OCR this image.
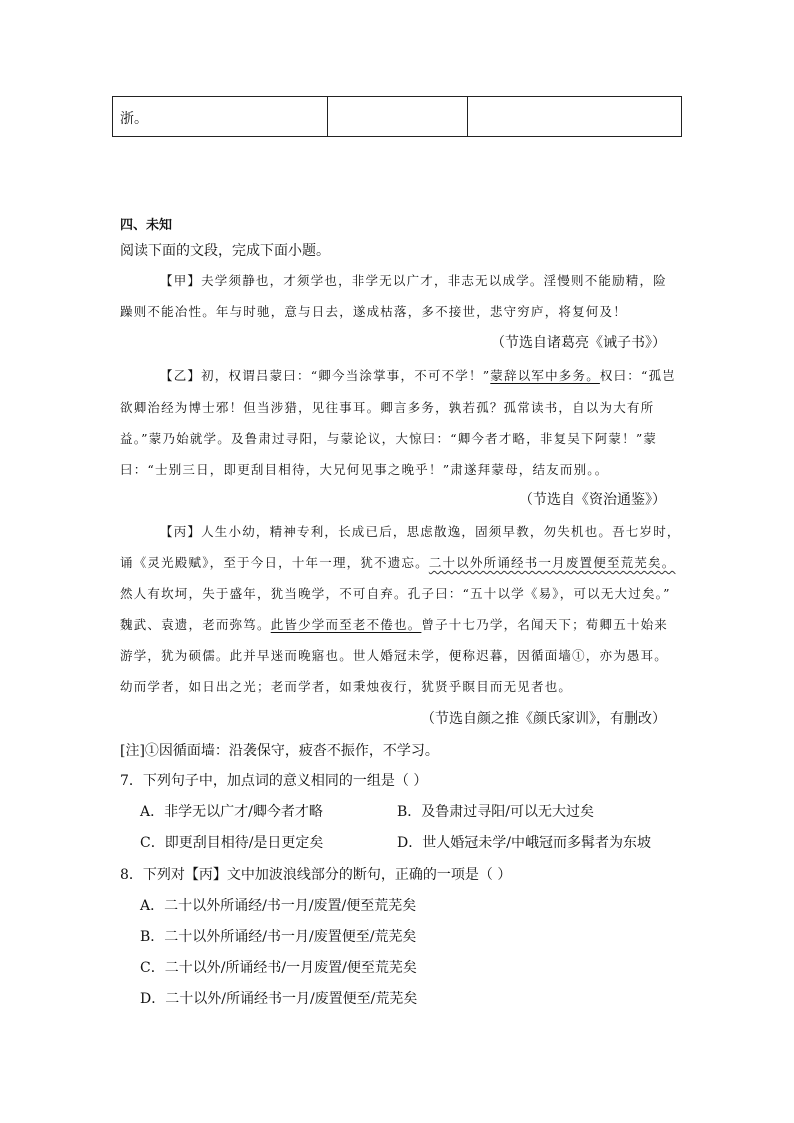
浙。
四、未知
阅读下面的文段，完成下面小题。
【甲】夫学须静也，才须学也，非学无以广才，非志无以成学。淫慢则不能励精，险
躁则不能冶性。年与时驰，意与日去，遂成枯落，多不接世，悲守穷庐，将复何及！
（节选自诸葛亮《诫子书》）
【乙】初，权谓吕蒙曰：“卿今当涂掌事，不可不学！”蒙辞以军中多务。权曰：“孤岂
欲卿治经为博士邪！但当涉猎，见往事耳。卿言多务，孰若孤？孤常读书，自以为大有所
益。”蒙乃始就学。及鲁肃过寻阳，与蒙论议，大惊曰：“卿今者才略，非复吴下阿蒙！”蒙
曰：“士别三日，即更刮目相待，大兄何见事之晚乎！”肃遂拜蒙母，结友而别。。
（节选自《资治通鉴》）
【丙】人生小幼，精神专利，长成已后，思虑散逸，固须早教，勿失机也。吾七岁时，
诵《灵光殿赋》，至于今日，十年一理，犹不遗忘。二十以外所诵经书一月废置便至荒芜矣。
然人有坎坷，失于盛年，犹当晚学，不可自弃。孔子曰：“五十以学《易》，可以无大过矣。”
魏武、袁遗，老而弥笃。此皆少学而至老不倦也。曾子十七乃学，名闻天下；荀卿五十始来
游学，犹为硕儒。此并早迷而晚寤也。世人婚冠未学，便称迟暮，因循面墙①，亦为愚耳。
幼而学者，如日出之光；老而学者，如秉烛夜行，犹贤乎瞑目而无见者也。
（节选自颜之推《颜氏家训》，有删改）
[注]①因循面墙：沿袭保守，疲沓不振作，不学习。
7．下列句子中，加点词的意义相同的一组是（ ）
A．非学无以广才/卿今者才略	B．及鲁肃过寻阳/可以无大过矣
C．即更刮目相待/是日更定矣	D．世人婚冠未学/中峨冠而多髯者为东坡
8．下列对【丙】文中加波浪线部分的断句，正确的一项是（ ）
A．二十以外所诵经/书一月/废置/便至荒芜矣
B．二十以外所诵经/书一月/废置便至/荒芜矣
C．二十以外/所诵经书/一月废置/便至荒芜矣
D．二十以外/所诵经书一月/废置便至/荒芜矣
